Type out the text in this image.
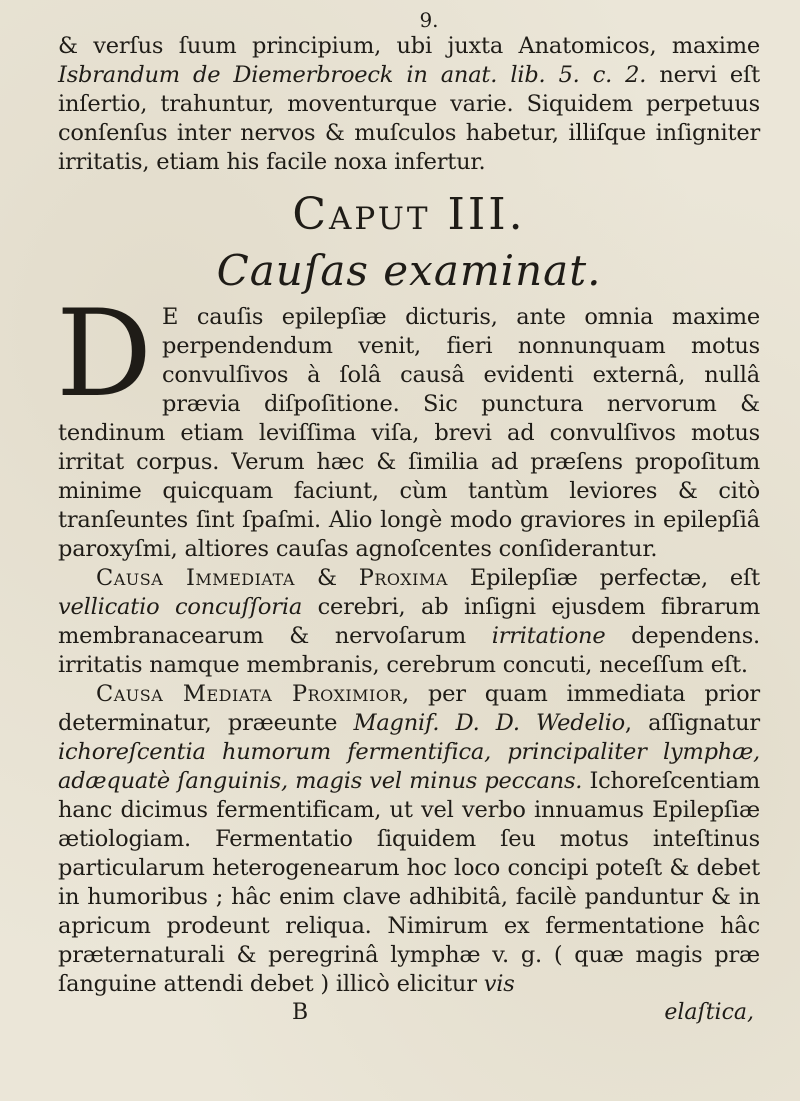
9.

& verſus ſuum principium, ubi juxta Anatomicos, maxime Isbrandum de Diemerbroeck in anat. lib. 5. c. 2. nervi eſt inſertio, trahuntur, moventurque varie. Siquidem perpetuus conſenſus inter nervos & muſculos habetur, illiſque inſigniter irritatis, etiam his facile noxa infertur.

Caput III.
Cauſas examinat.

D E cauſis epilepſiæ dicturis, ante omnia maxime perpendendum venit, fieri nonnunquam motus convulſivos à ſolâ causâ evidenti externâ, nullâ prævia diſpoſitione. Sic punctura nervorum & tendinum etiam leviſſima viſa, brevi ad convulſivos motus irritat corpus. Verum hæc & ſimilia ad præſens propoſitum minime quicquam faciunt, cùm tantùm leviores & citò tranſeuntes ſint ſpaſmi. Alio longè modo graviores in epilepſiâ paroxyſmi, altiores cauſas agnoſcentes conſiderantur.

Causa Immediata & Proxima Epilepſiæ perfectæ, eſt vellicatio concuſſoria cerebri, ab inſigni ejusdem fibrarum membranacearum & nervoſarum irritatione dependens. irritatis namque membranis, cerebrum concuti, neceſſum eſt.

Causa Mediata Proximior, per quam immediata prior determinatur, præeunte Magnif. D. D. Wedelio, aſſignatur ichoreſcentia humorum fermentifica, principaliter lymphæ, adæquatè ſanguinis, magis vel minus peccans. Ichoreſcentiam hanc dicimus fermentificam, ut vel verbo innuamus Epilepſiæ ætiologiam. Fermentatio ſiquidem ſeu motus inteſtinus particularum heterogenearum hoc loco concipi poteſt & debet in humoribus ; hâc enim clave adhibitâ, facilè panduntur & in apricum prodeunt reliqua. Nimirum ex fermentatione hâc præternaturali & peregrinâ lymphæ v. g. ( quæ magis præ ſanguine attendi debet ) illicò elicitur vis

B	elaſtica,
